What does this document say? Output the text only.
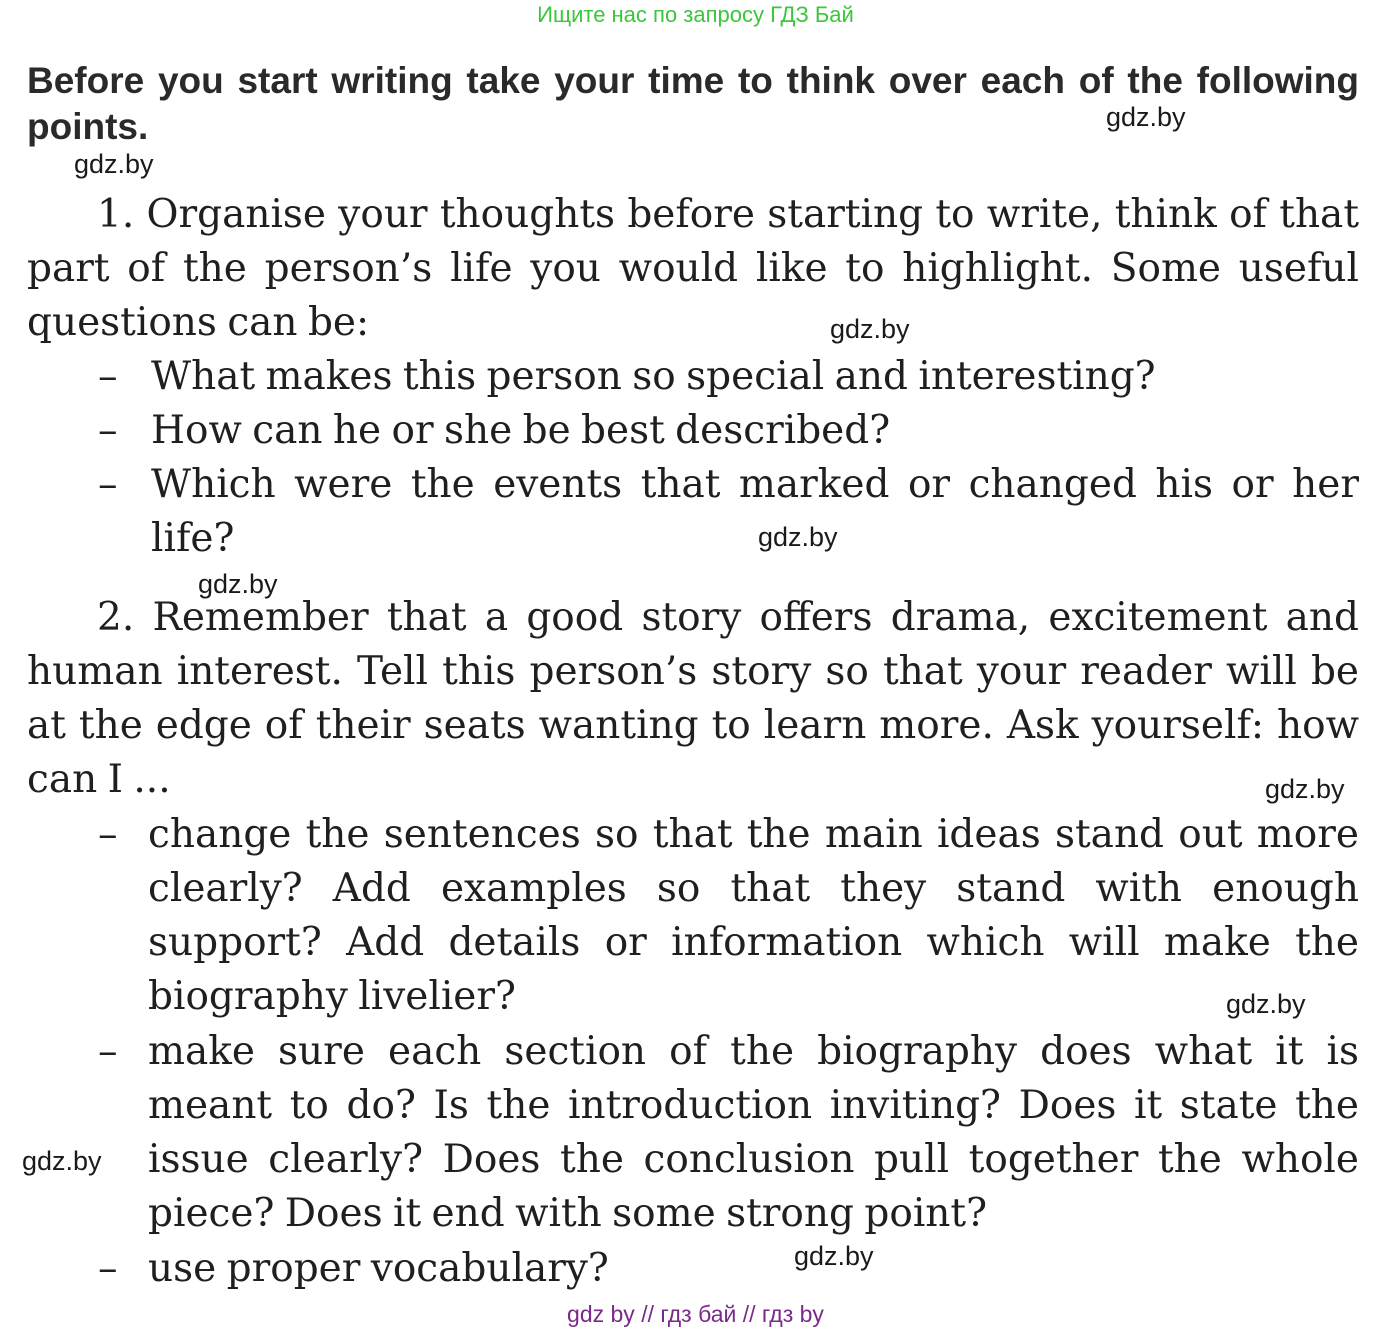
Ищите нас по запросу ГДЗ Бай

Before you start writing take your time to think over each of the following points.	gdz.by
gdz.by

1. Organise your thoughts before starting to write, think of that part of the person’s life you would like to highlight. Some useful questions can be:	gdz.by
– What makes this person so special and interesting?

– How can he or she be best described?

– Which were the events that marked or changed his or her life?	gdz.by
gdz.by

2. Remember that a good story offers drama, excitement and human interest. Tell this person’s story so that your reader will be at the edge of their seats wanting to learn more. Ask yourself: how can I ...	gdz.by
– change the sentences so that the main ideas stand out more clearly? Add examples so that they stand with enough support? Add details or information which will make the biography livelier?	gdz.by
– make sure each section of the biography does what it is meant to do? Is the introduction inviting? Does it state the issue clearly? Does the conclusion pull together the whole piece? Does it end with some strong point?

gdz.by
– use proper vocabulary?	gdz.by
gdz by // гдз бай // гдз by
